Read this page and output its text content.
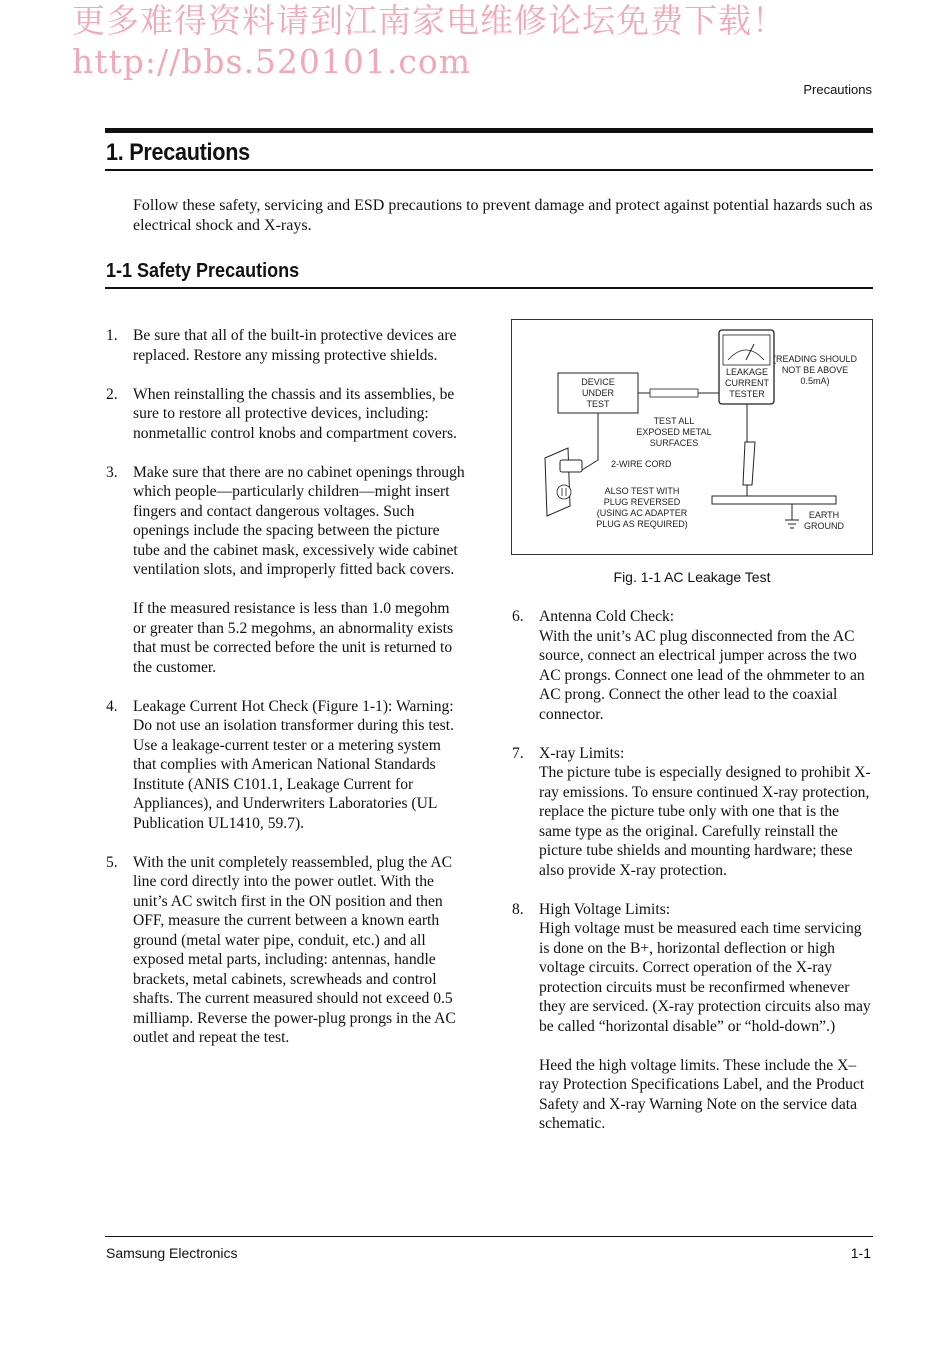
更多难得资料请到江南家电维修论坛免费下载！
http://bbs.520101.com
Precautions
1. Precautions
Follow these safety, servicing and ESD precautions to prevent damage and protect against potential hazards such as electrical shock and X-rays.
1-1 Safety Precautions
1. Be sure that all of the built-in protective devices are replaced. Restore any missing protective shields.

2. When reinstalling the chassis and its assemblies, be sure to restore all protective devices, including: nonmetallic control knobs and compartment covers.

3. Make sure that there are no cabinet openings through which people—particularly children—might insert fingers and contact dangerous voltages. Such openings include the spacing between the picture tube and the cabinet mask, excessively wide cabinet ventilation slots, and improperly fitted back covers.

If the measured resistance is less than 1.0 megohm or greater than 5.2 megohms, an abnormality exists that must be corrected before the unit is returned to the customer.

4. Leakage Current Hot Check (Figure 1-1): Warning: Do not use an isolation transformer during this test. Use a leakage-current tester or a metering system that complies with American National Standards Institute (ANIS C101.1, Leakage Current for Appliances), and Underwriters Laboratories (UL Publication UL1410, 59.7).

5. With the unit completely reassembled, plug the AC line cord directly into the power outlet. With the unit’s AC switch first in the ON position and then OFF, measure the current between a known earth ground (metal water pipe, conduit, etc.) and all exposed metal parts, including: antennas, handle brackets, metal cabinets, screwheads and control shafts. The current measured should not exceed 0.5 milliamp. Reverse the power-plug prongs in the AC outlet and repeat the test.

DEVICE
UNDER
TEST
LEAKAGE
CURRENT
TESTER
(READING SHOULD
NOT BE ABOVE
0.5mA)
TEST ALL
EXPOSED METAL
SURFACES
2-WIRE CORD
ALSO TEST WITH
PLUG REVERSED
(USING AC ADAPTER
PLUG AS REQUIRED)
EARTH
GROUND
Fig. 1-1 AC Leakage Test
6. Antenna Cold Check:
With the unit’s AC plug disconnected from the AC source, connect an electrical jumper across the two AC prongs. Connect one lead of the ohmmeter to an AC prong. Connect the other lead to the coaxial connector.

7. X-ray Limits:
The picture tube is especially designed to prohibit X-ray emissions. To ensure continued X-ray protection, replace the picture tube only with one that is the same type as the original. Carefully reinstall the picture tube shields and mounting hardware; these also provide X-ray protection.

8. High Voltage Limits:
High voltage must be measured each time servicing is done on the B+, horizontal deflection or high voltage circuits. Correct operation of the X-ray protection circuits must be reconfirmed whenever they are serviced. (X-ray protection circuits also may be called “horizontal disable” or “hold-down”.)

Heed the high voltage limits. These include the X–ray Protection Specifications Label, and the Product Safety and X-ray Warning Note on the service data schematic.

Samsung Electronics	1-1
